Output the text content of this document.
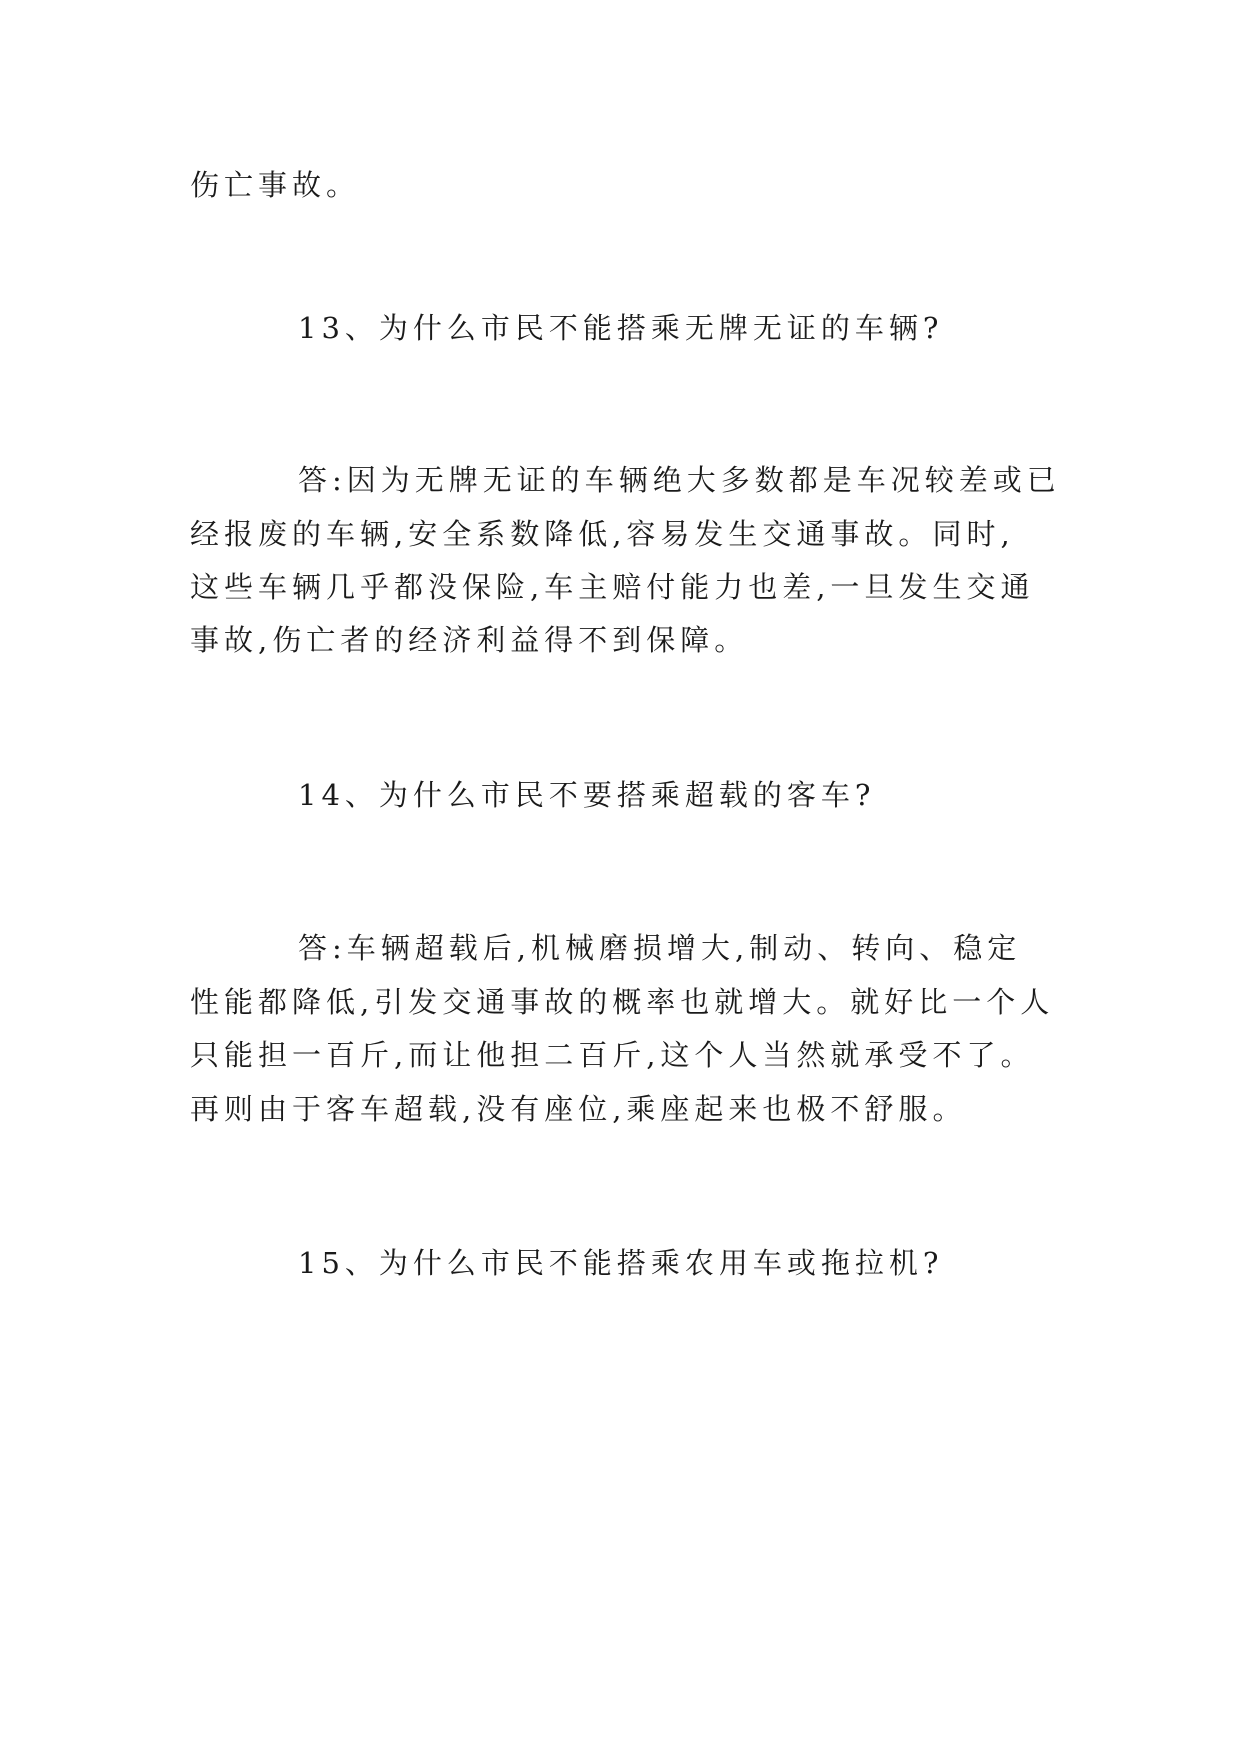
伤亡事故。
13、为什么市民不能搭乘无牌无证的车辆?
答:因为无牌无证的车辆绝大多数都是车况较差或已
经报废的车辆,安全系数降低,容易发生交通事故。同时,
这些车辆几乎都没保险,车主赔付能力也差,一旦发生交通
事故,伤亡者的经济利益得不到保障。
14、为什么市民不要搭乘超载的客车?
答:车辆超载后,机械磨损增大,制动、转向、稳定
性能都降低,引发交通事故的概率也就增大。就好比一个人
只能担一百斤,而让他担二百斤,这个人当然就承受不了。
再则由于客车超载,没有座位,乘座起来也极不舒服。
15、为什么市民不能搭乘农用车或拖拉机?
